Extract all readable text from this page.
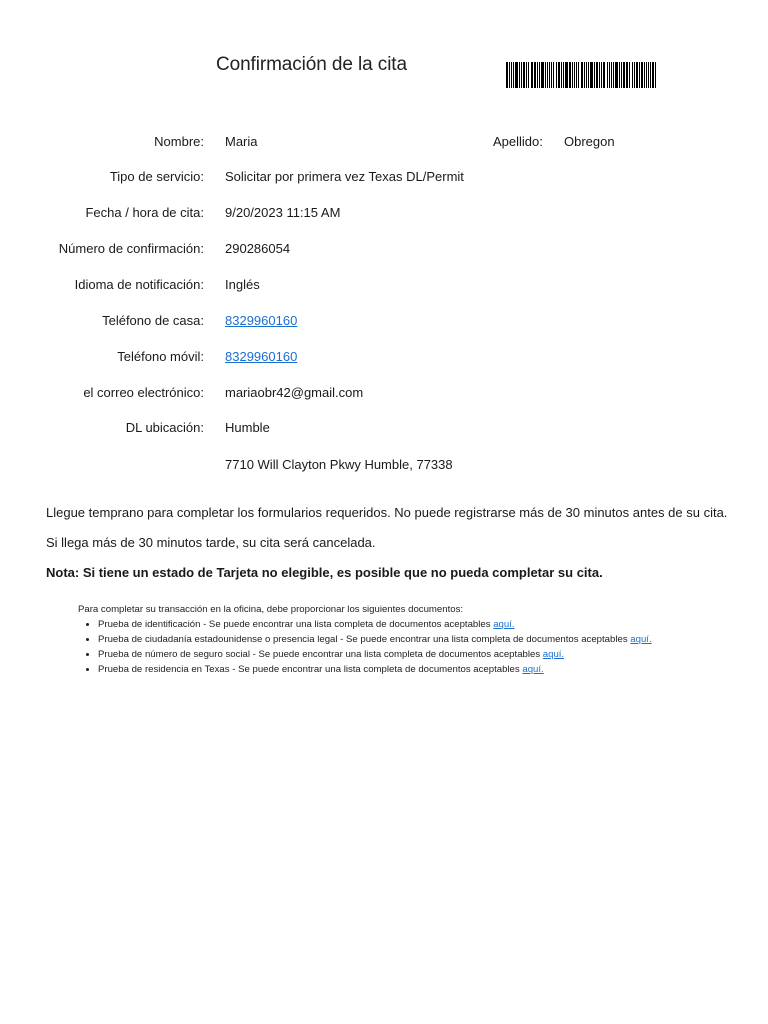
Confirmación de la cita
Nombre: Maria	Apellido: Obregon
Tipo de servicio: Solicitar por primera vez Texas DL/Permit
Fecha / hora de cita: 9/20/2023 11:15 AM
Número de confirmación: 290286054
Idioma de notificación: Inglés
Teléfono de casa: 8329960160
Teléfono móvil: 8329960160
el correo electrónico: mariaobr42@gmail.com
DL ubicación: Humble
7710 Will Clayton Pkwy Humble, 77338
Llegue temprano para completar los formularios requeridos. No puede registrarse más de 30 minutos antes de su cita.
Si llega más de 30 minutos tarde, su cita será cancelada.
Nota: Si tiene un estado de Tarjeta no elegible, es posible que no pueda completar su cita.

Para completar su transacción en la oficina, debe proporcionar los siguientes documentos:

• Prueba de identificación - Se puede encontrar una lista completa de documentos aceptables aquí.
• Prueba de ciudadanía estadounidense o presencia legal - Se puede encontrar una lista completa de documentos aceptables aquí.
• Prueba de número de seguro social - Se puede encontrar una lista completa de documentos aceptables aquí.
• Prueba de residencia en Texas - Se puede encontrar una lista completa de documentos aceptables aquí.
